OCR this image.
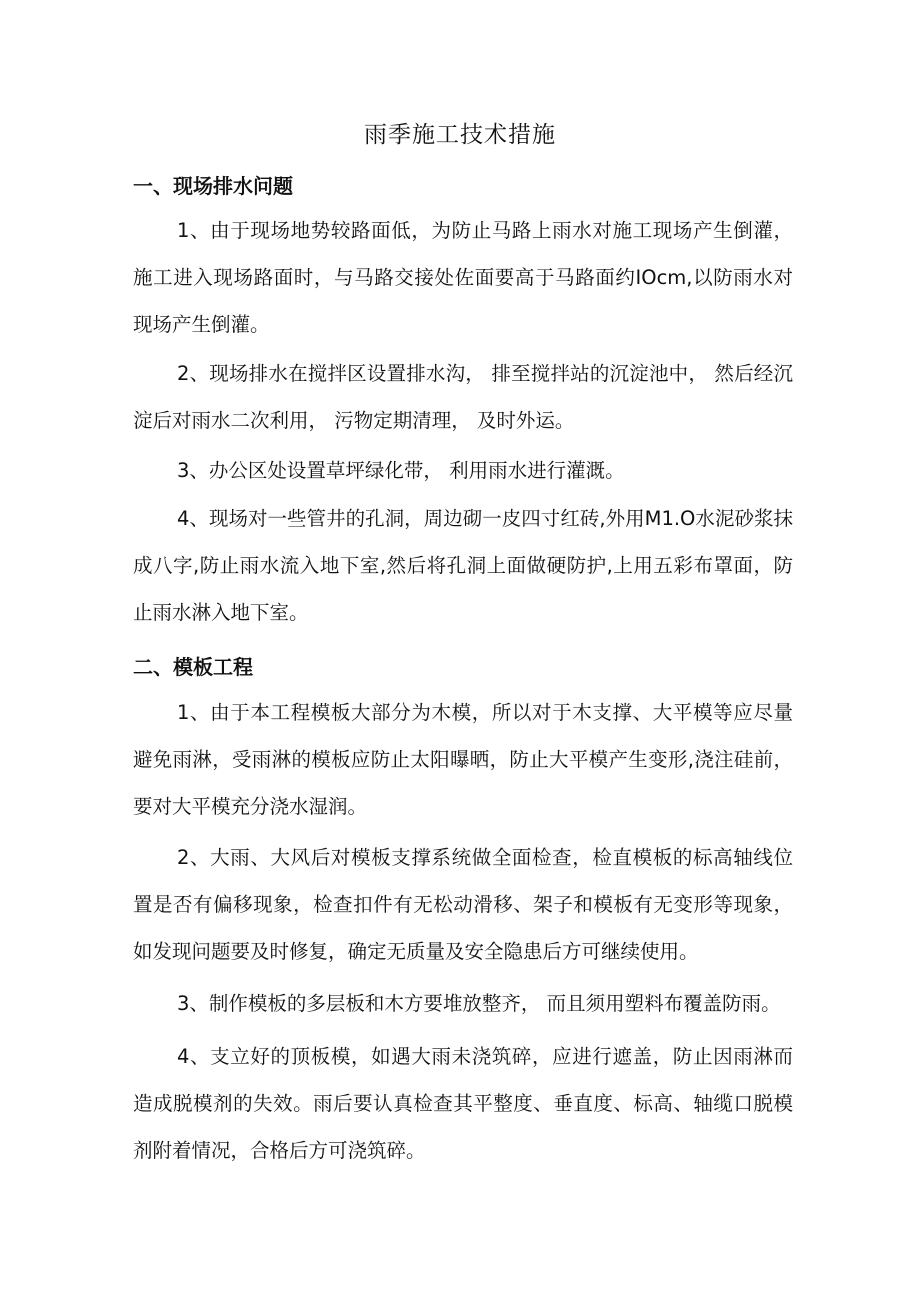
雨季施工技术措施
一、现场排水问题
1、由于现场地势较路面低，为防止马路上雨水对施工现场产生倒灌，施工进入现场路面时，与马路交接处佐面要高于马路面约IOcm,以防雨水对现场产生倒灌。
2、现场排水在搅拌区设置排水沟， 排至搅拌站的沉淀池中， 然后经沉淀后对雨水二次利用， 污物定期清理， 及时外运。
3、办公区处设置草坪绿化带， 利用雨水进行灌溉。
4、现场对一些管井的孔洞，周边砌一皮四寸红砖,外用M1.O水泥砂浆抹成八字,防止雨水流入地下室,然后将孔洞上面做硬防护,上用五彩布罩面，防止雨水淋入地下室。
二、模板工程
1、由于本工程模板大部分为木模，所以对于木支撑、大平模等应尽量避免雨淋，受雨淋的模板应防止太阳曝晒，防止大平模产生变形,浇注硅前，要对大平模充分浇水湿润。
2、大雨、大风后对模板支撑系统做全面检查，检直模板的标高轴线位置是否有偏移现象，检查扣件有无松动滑移、架子和模板有无变形等现象，如发现问题要及时修复，确定无质量及安全隐患后方可继续使用。
3、制作模板的多层板和木方要堆放整齐， 而且须用塑料布覆盖防雨。
4、支立好的顶板模，如遇大雨未浇筑碎，应进行遮盖，防止因雨淋而造成脱模剂的失效。雨后要认真检查其平整度、垂直度、标高、轴缆口脱模剂附着情况，合格后方可浇筑碎。
